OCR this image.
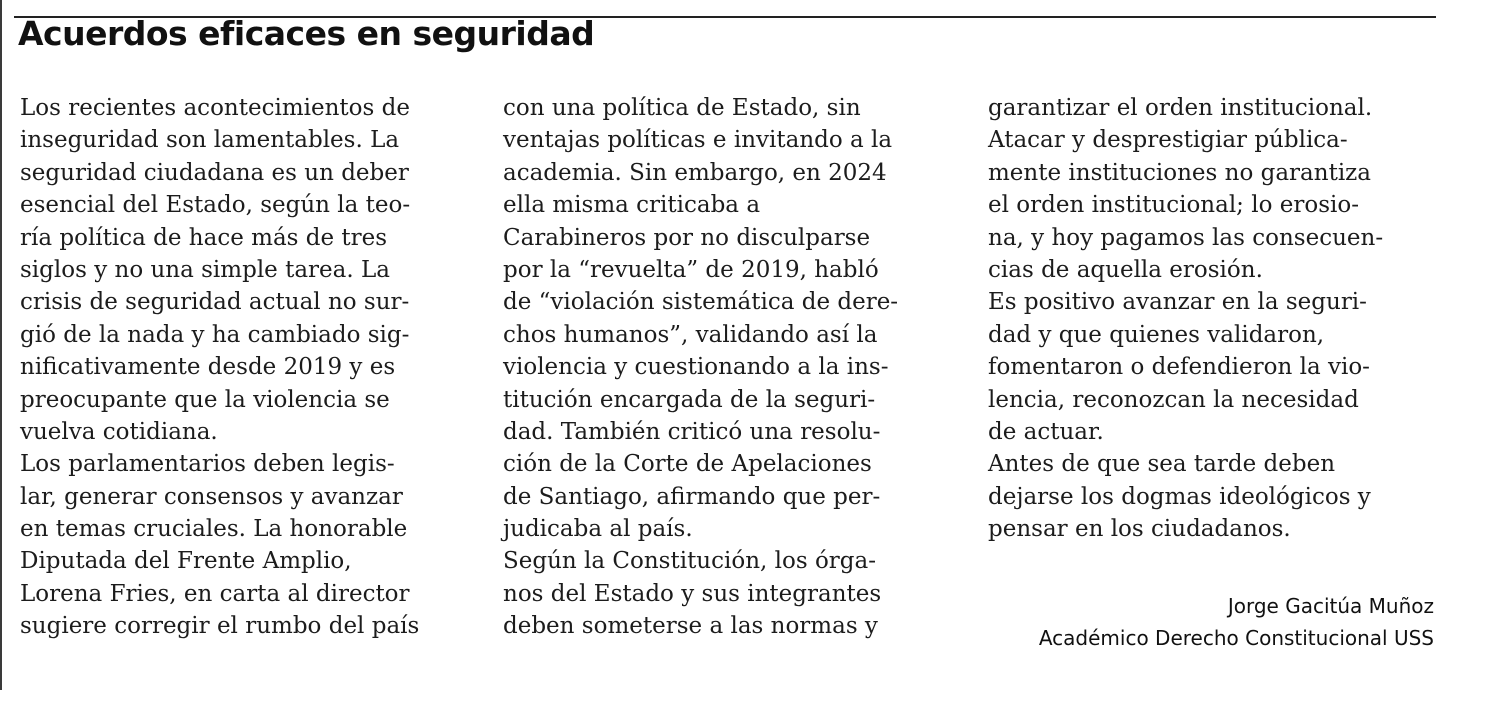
Acuerdos eficaces en seguridad
Los recientes acontecimientos de
inseguridad son lamentables. La
seguridad ciudadana es un deber
esencial del Estado, según la teo-
ría política de hace más de tres
siglos y no una simple tarea. La
crisis de seguridad actual no sur-
gió de la nada y ha cambiado sig-
nificativamente desde 2019 y es
preocupante que la violencia se
vuelva cotidiana.
Los parlamentarios deben legis-
lar, generar consensos y avanzar
en temas cruciales. La honorable
Diputada del Frente Amplio,
Lorena Fries, en carta al director
sugiere corregir el rumbo del país
con una política de Estado, sin
ventajas políticas e invitando a la
academia. Sin embargo, en 2024
ella misma criticaba a
Carabineros por no disculparse
por la “revuelta” de 2019, habló
de “violación sistemática de dere-
chos humanos”, validando así la
violencia y cuestionando a la ins-
titución encargada de la seguri-
dad. También criticó una resolu-
ción de la Corte de Apelaciones
de Santiago, afirmando que per-
judicaba al país.
Según la Constitución, los órga-
nos del Estado y sus integrantes
deben someterse a las normas y
garantizar el orden institucional.
Atacar y desprestigiar pública-
mente instituciones no garantiza
el orden institucional; lo erosio-
na, y hoy pagamos las consecuen-
cias de aquella erosión.
Es positivo avanzar en la seguri-
dad y que quienes validaron,
fomentaron o defendieron la vio-
lencia, reconozcan la necesidad
de actuar.
Antes de que sea tarde deben
dejarse los dogmas ideológicos y
pensar en los ciudadanos.
Jorge Gacitúa Muñoz
Académico Derecho Constitucional USS
